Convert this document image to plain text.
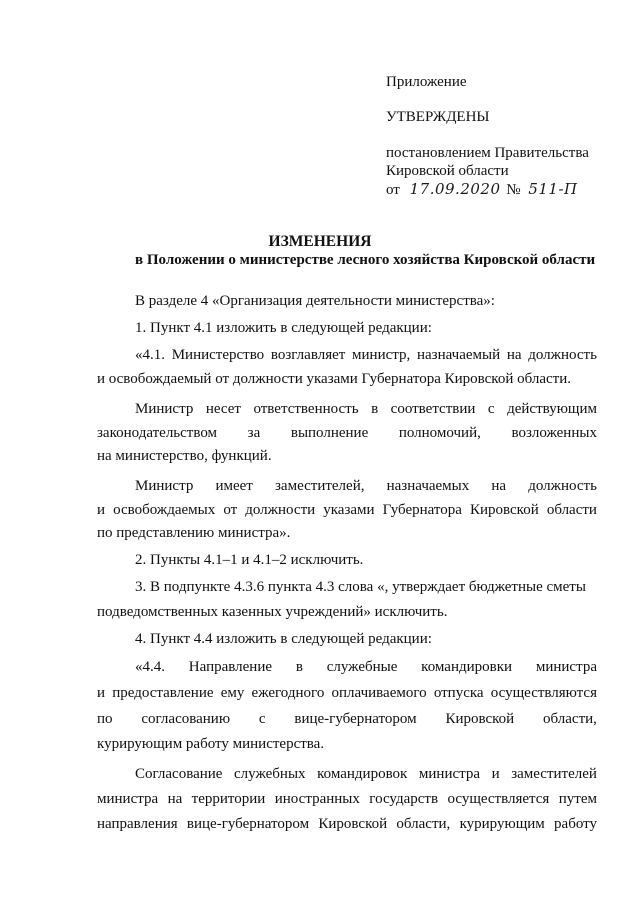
Приложение
УТВЕРЖДЕНЫ
постановлением Правительства
Кировской области
от 17.09.2020 № 511-П
ИЗМЕНЕНИЯ
в Положении о министерстве лесного хозяйства Кировской области
В разделе 4 «Организация деятельности министерства»:
1. Пункт 4.1 изложить в следующей редакции:
«4.1. Министерство возглавляет министр, назначаемый на должность
и освобождаемый от должности указами Губернатора Кировской области.
Министр несет ответственность в соответствии с действующим
законодательством за выполнение полномочий, возложенных
на министерство, функций.
Министр имеет заместителей, назначаемых на должность
и освобождаемых от должности указами Губернатора Кировской области
по представлению министра».
2. Пункты 4.1–1 и 4.1–2 исключить.
3. В подпункте 4.3.6 пункта 4.3 слова «, утверждает бюджетные сметы
подведомственных казенных учреждений» исключить.
4. Пункт 4.4 изложить в следующей редакции:
«4.4. Направление в служебные командировки министра
и предоставление ему ежегодного оплачиваемого отпуска осуществляются
по согласованию с вице-губернатором Кировской области,
курирующим работу министерства.
Согласование служебных командировок министра и заместителей
министра на территории иностранных государств осуществляется путем
направления вице-губернатором Кировской области, курирующим работу
